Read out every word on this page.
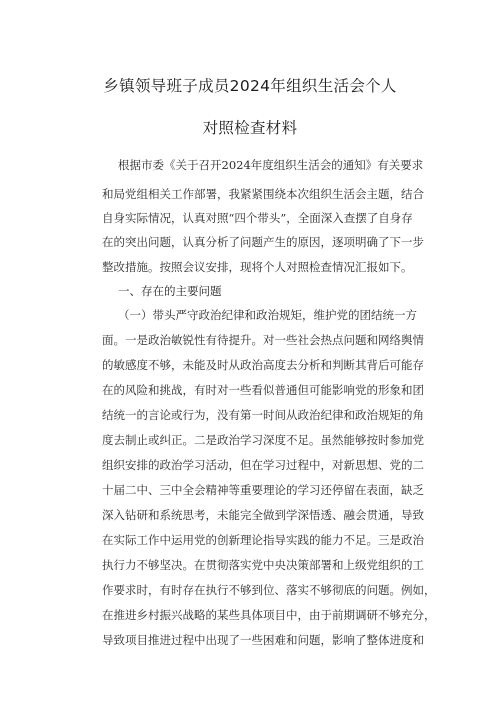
乡镇领导班子成员2024年组织生活会个人
对照检查材料
根据市委《关于召开2024年度组织生活会的通知》有关要求
和局党组相关工作部署，我紧紧围绕本次组织生活会主题，结合
自身实际情况，认真对照“四个带头”，全面深入查摆了自身存
在的突出问题，认真分析了问题产生的原因，逐项明确了下一步
整改措施。按照会议安排，现将个人对照检查情况汇报如下。
一、存在的主要问题
（一）带头严守政治纪律和政治规矩，维护党的团结统一方
面。一是政治敏锐性有待提升。对一些社会热点问题和网络舆情
的敏感度不够，未能及时从政治高度去分析和判断其背后可能存
在的风险和挑战，有时对一些看似普通但可能影响党的形象和团
结统一的言论或行为，没有第一时间从政治纪律和政治规矩的角
度去制止或纠正。二是政治学习深度不足。虽然能够按时参加党
组织安排的政治学习活动，但在学习过程中，对新思想、党的二
十届二中、三中全会精神等重要理论的学习还停留在表面，缺乏
深入钻研和系统思考，未能完全做到学深悟透、融会贯通，导致
在实际工作中运用党的创新理论指导实践的能力不足。三是政治
执行力不够坚决。在贯彻落实党中央决策部署和上级党组织的工
作要求时，有时存在执行不够到位、落实不够彻底的问题。例如，
在推进乡村振兴战略的某些具体项目中，由于前期调研不够充分，
导致项目推进过程中出现了一些困难和问题，影响了整体进度和
